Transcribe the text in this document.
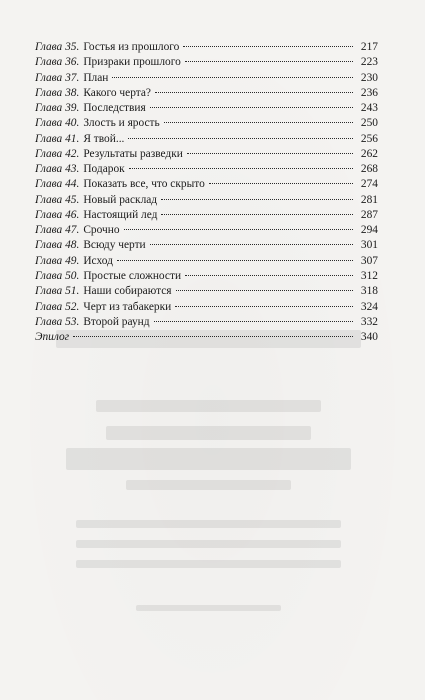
Глава 35. Гостья из прошлого	217
Глава 36. Призраки прошлого	223
Глава 37. План	230
Глава 38. Какого черта?	236
Глава 39. Последствия	243
Глава 40. Злость и ярость	250
Глава 41. Я твой...	256
Глава 42. Результаты разведки	262
Глава 43. Подарок	268
Глава 44. Показать все, что скрыто	274
Глава 45. Новый расклад	281
Глава 46. Настоящий лед	287
Глава 47. Срочно	294
Глава 48. Всюду черти	301
Глава 49. Исход	307
Глава 50. Простые сложности	312
Глава 51. Наши собираются	318
Глава 52. Черт из табакерки	324
Глава 53. Второй раунд	332
Эпилог	340
